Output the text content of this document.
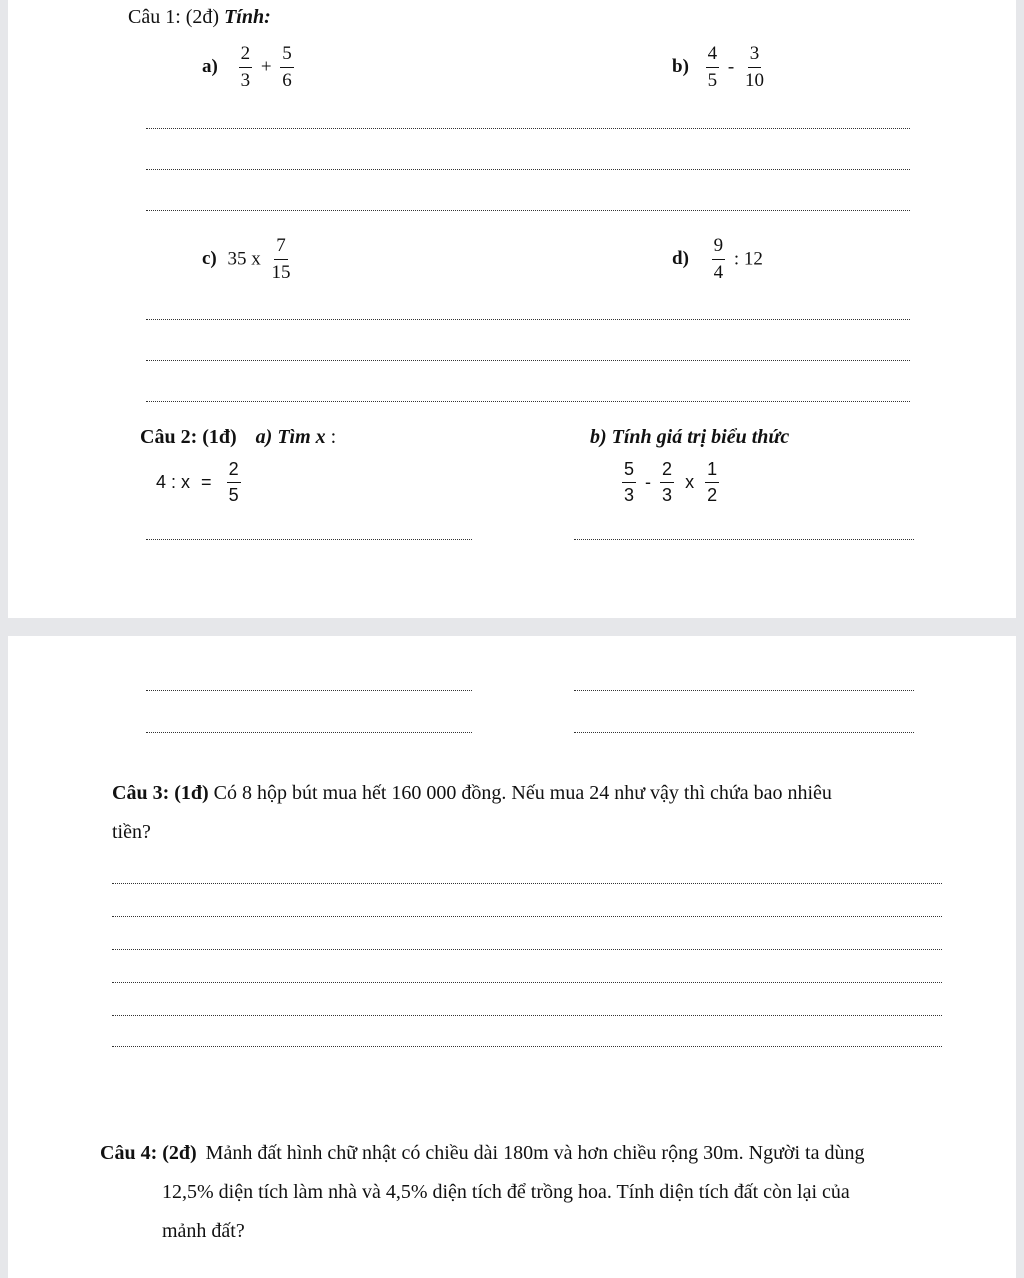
Câu 1: (2đ) Tính:
$a) \frac{2}{3} + \frac{5}{6}$	$b) \frac{4}{5} - \frac{3}{10}$
c) 35 x $\frac{7}{15}$	$d) \frac{9}{4}$ : 12
Câu 2: (1đ) a) Tìm x :	b) Tính giá trị biểu thức
4 : $x = \frac{2}{5}$	$\frac{5}{3} - \frac{2}{3}$ x $\frac{1}{2}$
Câu 3: (1đ) Có 8 hộp bút mua hết 160 000 đồng. Nếu mua 24 như vậy thì chứa bao nhiêu
tiền?
Câu 4: (2đ) Mảnh đất hình chữ nhật có chiều dài 180m và hơn chiều rộng 30m. Người ta dùng
12,5% diện tích làm nhà và 4,5% diện tích để trồng hoa. Tính diện tích đất còn lại của
mảnh đất?
